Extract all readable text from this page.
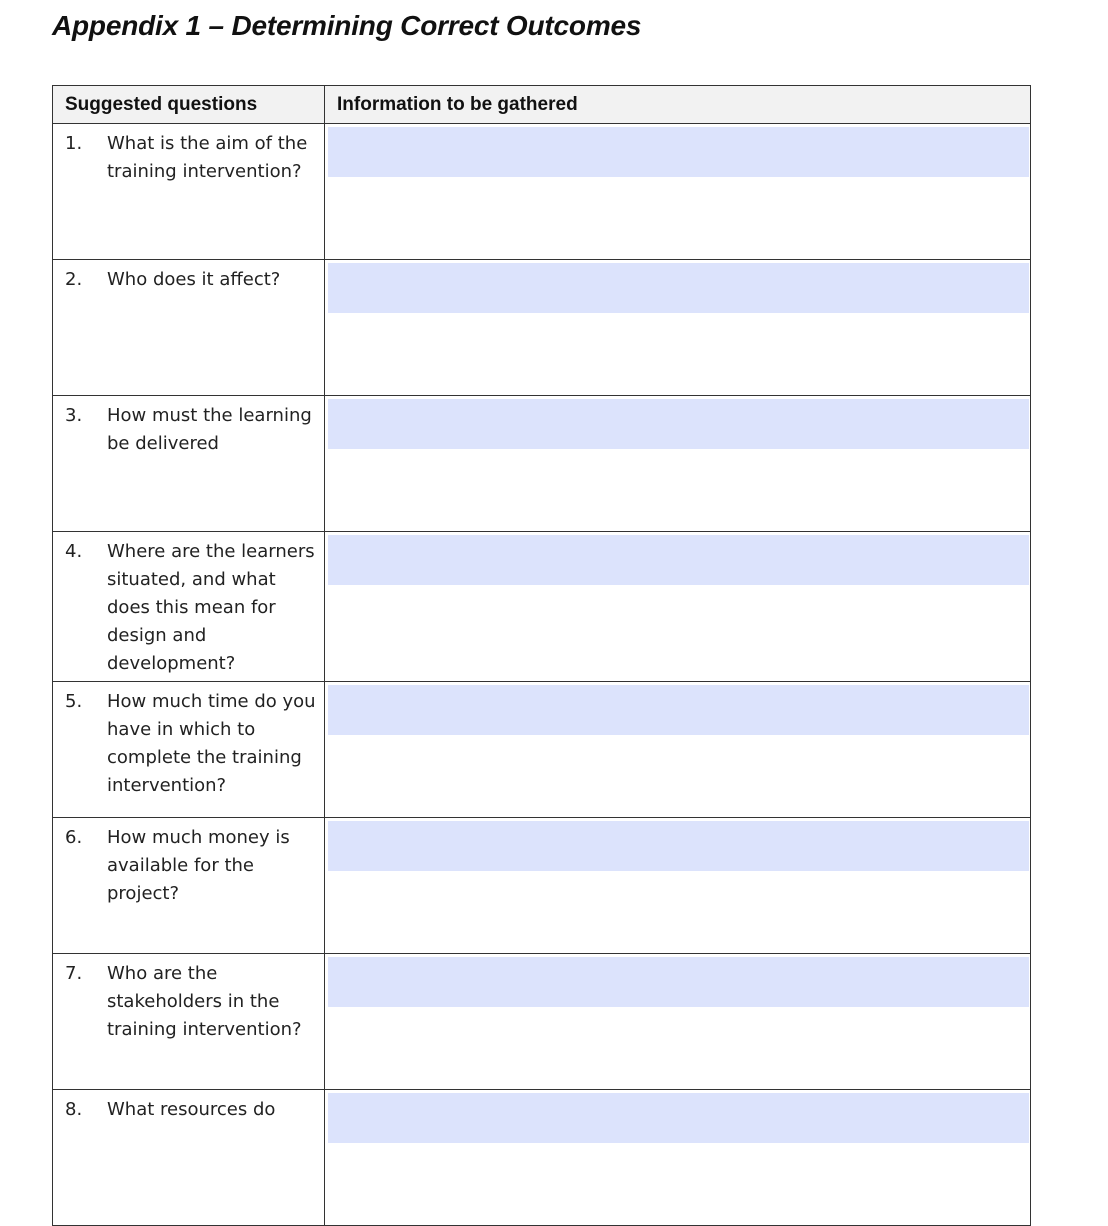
Appendix 1 – Determining Correct Outcomes
Suggested questions	Information to be gathered

1. What is the aim of the training intervention?

2. Who does it affect?

3. How must the learning be delivered

4. Where are the learners situated, and what does this mean for design and development?

5. How much time do you have in which to complete the training intervention?

6. How much money is available for the project?

7. Who are the stakeholders in the training intervention?

8. What resources do
